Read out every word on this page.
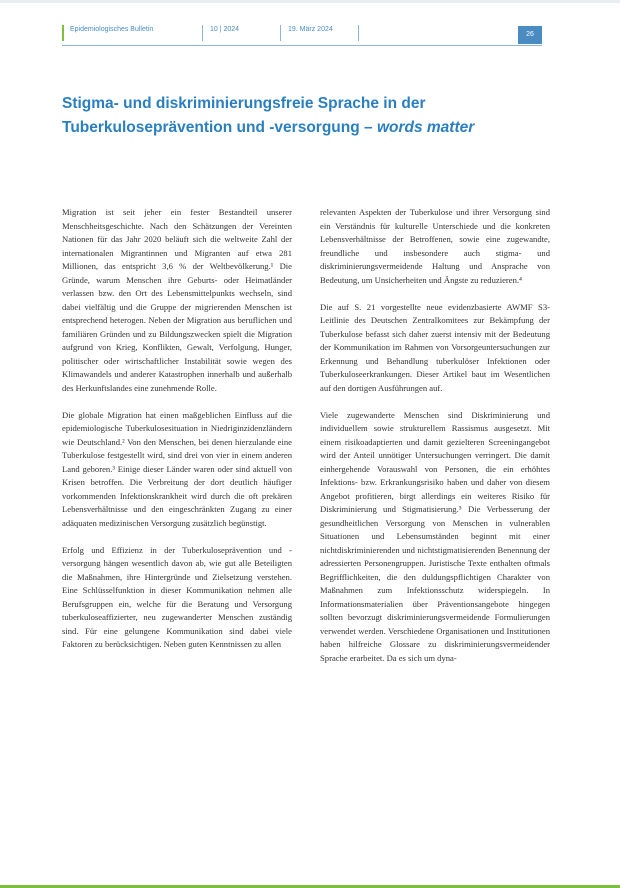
Epidemiologisches Bulletin	10 | 2024	19. März 2024
26
Stigma- und diskriminierungsfreie Sprache in der Tuberkuloseprävention und -versorgung – words matter

Migration ist seit jeher ein fester Bestandteil unserer Menschheitsgeschichte. Nach den Schätzungen der Vereinten Nationen für das Jahr 2020 beläuft sich die weltweite Zahl der internationalen Migrantinnen und Migranten auf etwa 281 Millionen, das entspricht 3,6 % der Weltbevölkerung.¹ Die Gründe, warum Menschen ihre Geburts- oder Heimatländer verlassen bzw. den Ort des Lebensmittelpunkts wechseln, sind dabei vielfältig und die Gruppe der migrierenden Menschen ist entsprechend heterogen. Neben der Migration aus beruflichen und familiären Gründen und zu Bildungszwecken spielt die Migration aufgrund von Krieg, Konflikten, Gewalt, Verfolgung, Hunger, politischer oder wirtschaftlicher Instabilität sowie wegen des Klimawandels und anderer Katastrophen innerhalb und außerhalb des Herkunftslandes eine zunehmende Rolle.

Die globale Migration hat einen maßgeblichen Einfluss auf die epidemiologische Tuberkulosesituation in Niedriginzidenzländern wie Deutschland.² Von den Menschen, bei denen hierzulande eine Tuberkulose festgestellt wird, sind drei von vier in einem anderen Land geboren.³ Einige dieser Länder waren oder sind aktuell von Krisen betroffen. Die Verbreitung der dort deutlich häufiger vorkommenden Infektionskrankheit wird durch die oft prekären Lebensverhältnisse und den eingeschränkten Zugang zu einer adäquaten medizinischen Versorgung zusätzlich begünstigt.

Erfolg und Effizienz in der Tuberkuloseprävention und -versorgung hängen wesentlich davon ab, wie gut alle Beteiligten die Maßnahmen, ihre Hintergründe und Zielsetzung verstehen. Eine Schlüsselfunktion in dieser Kommunikation nehmen alle Berufsgruppen ein, welche für die Beratung und Versorgung tuberkuloseaffizierter, neu zugewanderter Menschen zuständig sind. Für eine gelungene Kommunikation sind dabei viele Faktoren zu berücksichtigen. Neben guten Kenntnissen zu allen

relevanten Aspekten der Tuberkulose und ihrer Versorgung sind ein Verständnis für kulturelle Unterschiede und die konkreten Lebensverhältnisse der Betroffenen, sowie eine zugewandte, freundliche und insbesondere auch stigma- und diskriminierungsvermeidende Haltung und Ansprache von Bedeutung, um Unsicherheiten und Ängste zu reduzieren.⁴

Die auf S. 21 vorgestellte neue evidenzbasierte AWMF S3-Leitlinie des Deutschen Zentralkomitees zur Bekämpfung der Tuberkulose befasst sich daher zuerst intensiv mit der Bedeutung der Kommunikation im Rahmen von Vorsorgeuntersuchungen zur Erkennung und Behandlung tuberkulöser Infektionen oder Tuberkuloseerkrankungen. Dieser Artikel baut im Wesentlichen auf den dortigen Ausführungen auf.

Viele zugewanderte Menschen sind Diskriminierung und individuellem sowie strukturellem Rassismus ausgesetzt. Mit einem risikoadaptierten und damit gezielteren Screeningangebot wird der Anteil unnötiger Untersuchungen verringert. Die damit einhergehende Vorauswahl von Personen, die ein erhöhtes Infektions- bzw. Erkrankungsrisiko haben und daher von diesem Angebot profitieren, birgt allerdings ein weiteres Risiko für Diskriminierung und Stigmatisierung.⁵ Die Verbesserung der gesundheitlichen Versorgung von Menschen in vulnerablen Situationen und Lebensumständen beginnt mit einer nichtdiskriminierenden und nichtstigmatisierenden Benennung der adressierten Personengruppen. Juristische Texte enthalten oftmals Begrifflichkeiten, die den duldungspflichtigen Charakter von Maßnahmen zum Infektionsschutz widerspiegeln. In Informationsmaterialien über Präventionsangebote hingegen sollten bevorzugt diskriminierungsvermeidende Formulierungen verwendet werden. Verschiedene Organisationen und Institutionen haben hilfreiche Glossare zu diskriminierungsvermeidender Sprache erarbeitet. Da es sich um dyna-
